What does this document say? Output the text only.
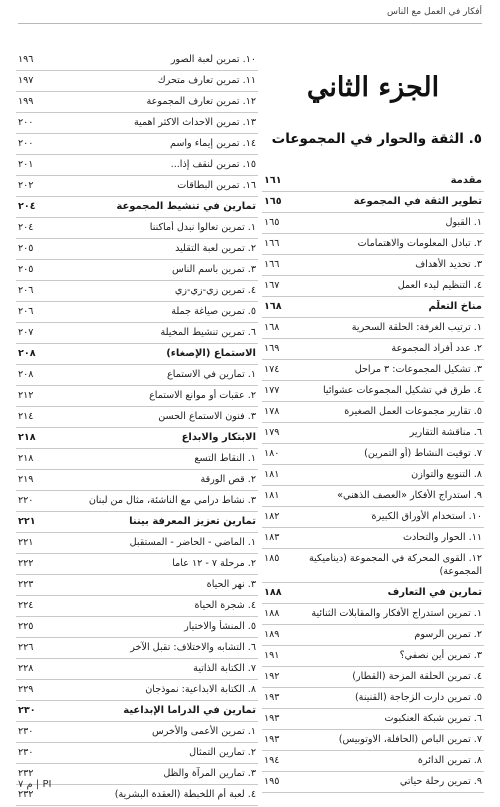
أفكار في العمل مع الناس
الجزء الثاني
٥. الثقة والحوار في المجموعات
مقدمة
١٦١
تطوير الثقة في المجموعة
١٦٥
١. القبول
١٦٥
٢. تبادل المعلومات والاهتمامات
١٦٦
٣. تحديد الأهداف
١٦٦
٤. التنظيم لبدء العمل
١٦٧
مناخ التعلّم
١٦٨
١. ترتيب الغرفة: الحلقة السحرية
١٦٨
٢. عدد أفراد المجموعة
١٦٩
٣. تشكيل المجموعات: ٣ مراحل
١٧٤
٤. طرق في تشكيل المجموعات عشوائيا
١٧٧
٥. تقارير مجموعات العمل الصغيرة
١٧٨
٦. مناقشة التقارير
١٧٩
٧. توقيت النشاط (أو التمرين)
١٨٠
٨. التنويع والتوازن
١٨١
٩. استدراج الأفكار «العصف الذهني»
١٨١
١٠. استخدام الأوراق الكبيرة
١٨٢
١١. الحوار والتحادث
١٨٣
١٢. القوى المحركة في المجموعة (ديناميكية المجموعة)
١٨٥
تمارين في التعارف
١٨٨
١. تمرين استدراج الأفكار والمقابلات الثنائية
١٨٨
٢. تمرين الرسوم
١٨٩
٣. تمرين أين نصفي؟
١٩١
٤. تمرين الحلقة المزحة (القطار)
١٩٢
٥. تمرين دارت الزجاجة (القنينة)
١٩٣
٦. تمرين شبكة العنكبوت
١٩٣
٧. تمرين الباص (الحافلة، الاوتوبيس)
١٩٣
٨. تمرين الدائرة
١٩٤
٩. تمرين رحلة حياتي
١٩٥
١٠. تمرين لعبة الصور
١٩٦
١١. تمرين تعارف متحرك
١٩٧
١٢. تمرين تعارف المجموعة
١٩٩
١٣. تمرين الاحداث الاكثر اهمية
٢٠٠
١٤. تمرين إيماء واسم
٢٠٠
١٥. تمرين لنقف إذا...
٢٠١
١٦. تمرين البطاقات
٢٠٢
تمارين في تنشيط المجموعة
٢٠٤
١. تمرين تعالوا نبدل أماكننا
٢٠٤
٢. تمرين لعبة التقليد
٢٠٥
٣. تمرين باسم الناس
٢٠٥
٤. تمرين زي-زي-زي
٢٠٦
٥. تمرين صياغة جملة
٢٠٦
٦. تمرين تنشيط المخيلة
٢٠٧
الاستماع (الإصغاء)
٢٠٨
١. تمارين في الاستماع
٢٠٨
٢. عقبات أو موانع الاستماع
٢١٢
٣. فنون الاستماع الحسن
٢١٤
الابتكار والابداع
٢١٨
١. النقاط التسع
٢١٨
٢. قص الورقة
٢١٩
٣. نشاط درامي مع الناشئة، مثال من لبنان
٢٢٠
تمارين تعزيز المعرفة بيننا
٢٢١
١. الماضي - الحاضر - المستقبل
٢٢١
٢. مرحلة ٧ - ١٢ عاما
٢٢٢
٣. نهر الحياة
٢٢٣
٤. شجرة الحياة
٢٢٤
٥. المنشأ والاختيار
٢٢٥
٦. التشابه والاختلاف: تقبل الآخر
٢٢٦
٧. الكتابة الذاتية
٢٢٨
٨. الكتابة الابداعية: نموذجان
٢٢٩
تمارين في الدراما الإبداعية
٢٣٠
١. تمرين الأعمى والأخرس
٢٣٠
٢. تمارين التمثال
٢٣٠
٣. تمارين المرآة والظل
٢٣٢
٤. لعبة أم اللخبطة (العقدة البشرية)
٢٣٢
م ٧ | PI
